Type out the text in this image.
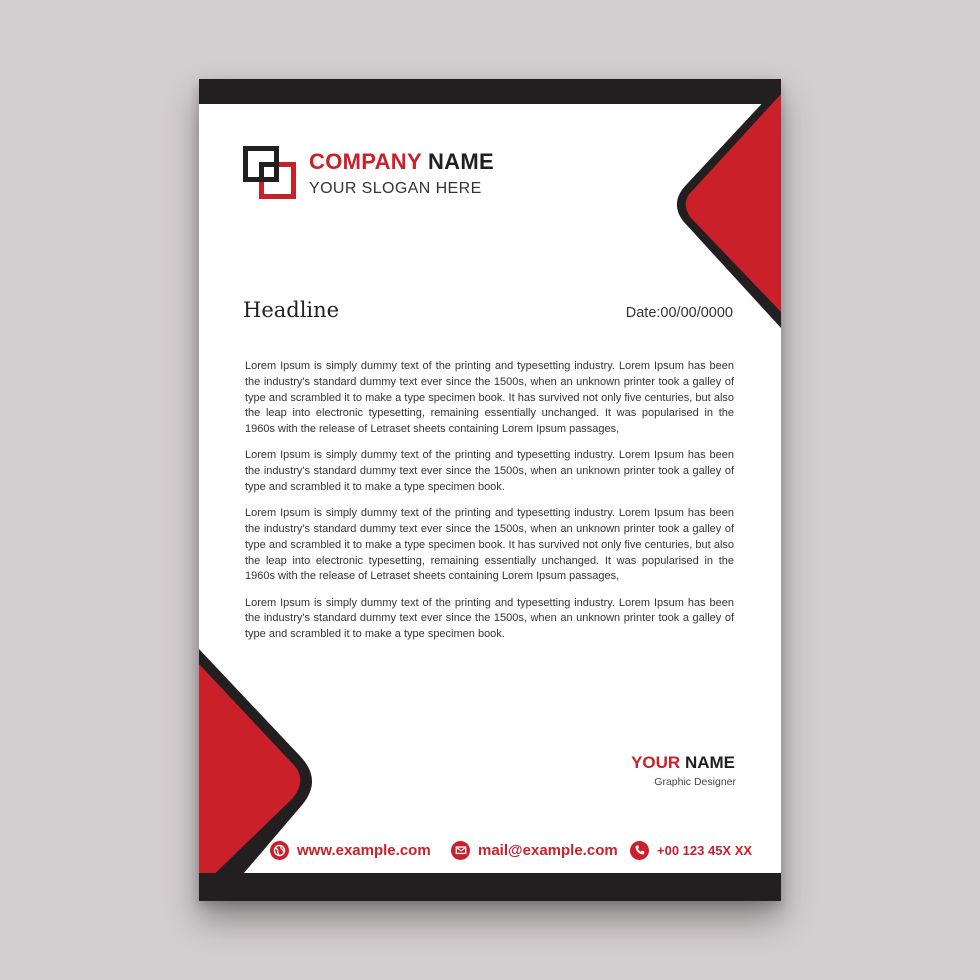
COMPANY NAME
YOUR SLOGAN HERE
Headline	Date:00/00/0000

Lorem Ipsum is simply dummy text of the printing and typesetting industry. Lorem Ipsum has been the industry's standard dummy text ever since the 1500s, when an unknown printer took a galley of type and scrambled it to make a type specimen book. It has survived not only five centuries, but also the leap into electronic typesetting, remaining essentially unchanged. It was popularised in the 1960s with the release of Letraset sheets containing Lorem Ipsum passages,

Lorem Ipsum is simply dummy text of the printing and typesetting industry. Lorem Ipsum has been the industry's standard dummy text ever since the 1500s, when an unknown printer took a galley of type and scrambled it to make a type specimen book.

Lorem Ipsum is simply dummy text of the printing and typesetting industry. Lorem Ipsum has been the industry's standard dummy text ever since the 1500s, when an unknown printer took a galley of type and scrambled it to make a type specimen book. It has survived not only five centuries, but also the leap into electronic typesetting, remaining essentially unchanged. It was popularised in the 1960s with the release of Letraset sheets containing Lorem Ipsum passages,

Lorem Ipsum is simply dummy text of the printing and typesetting industry. Lorem Ipsum has been the industry's standard dummy text ever since the 1500s, when an unknown printer took a galley of type and scrambled it to make a type specimen book.

YOUR NAME
Graphic Designer
www.example.com	mail@example.com	+00 123 45X XX
